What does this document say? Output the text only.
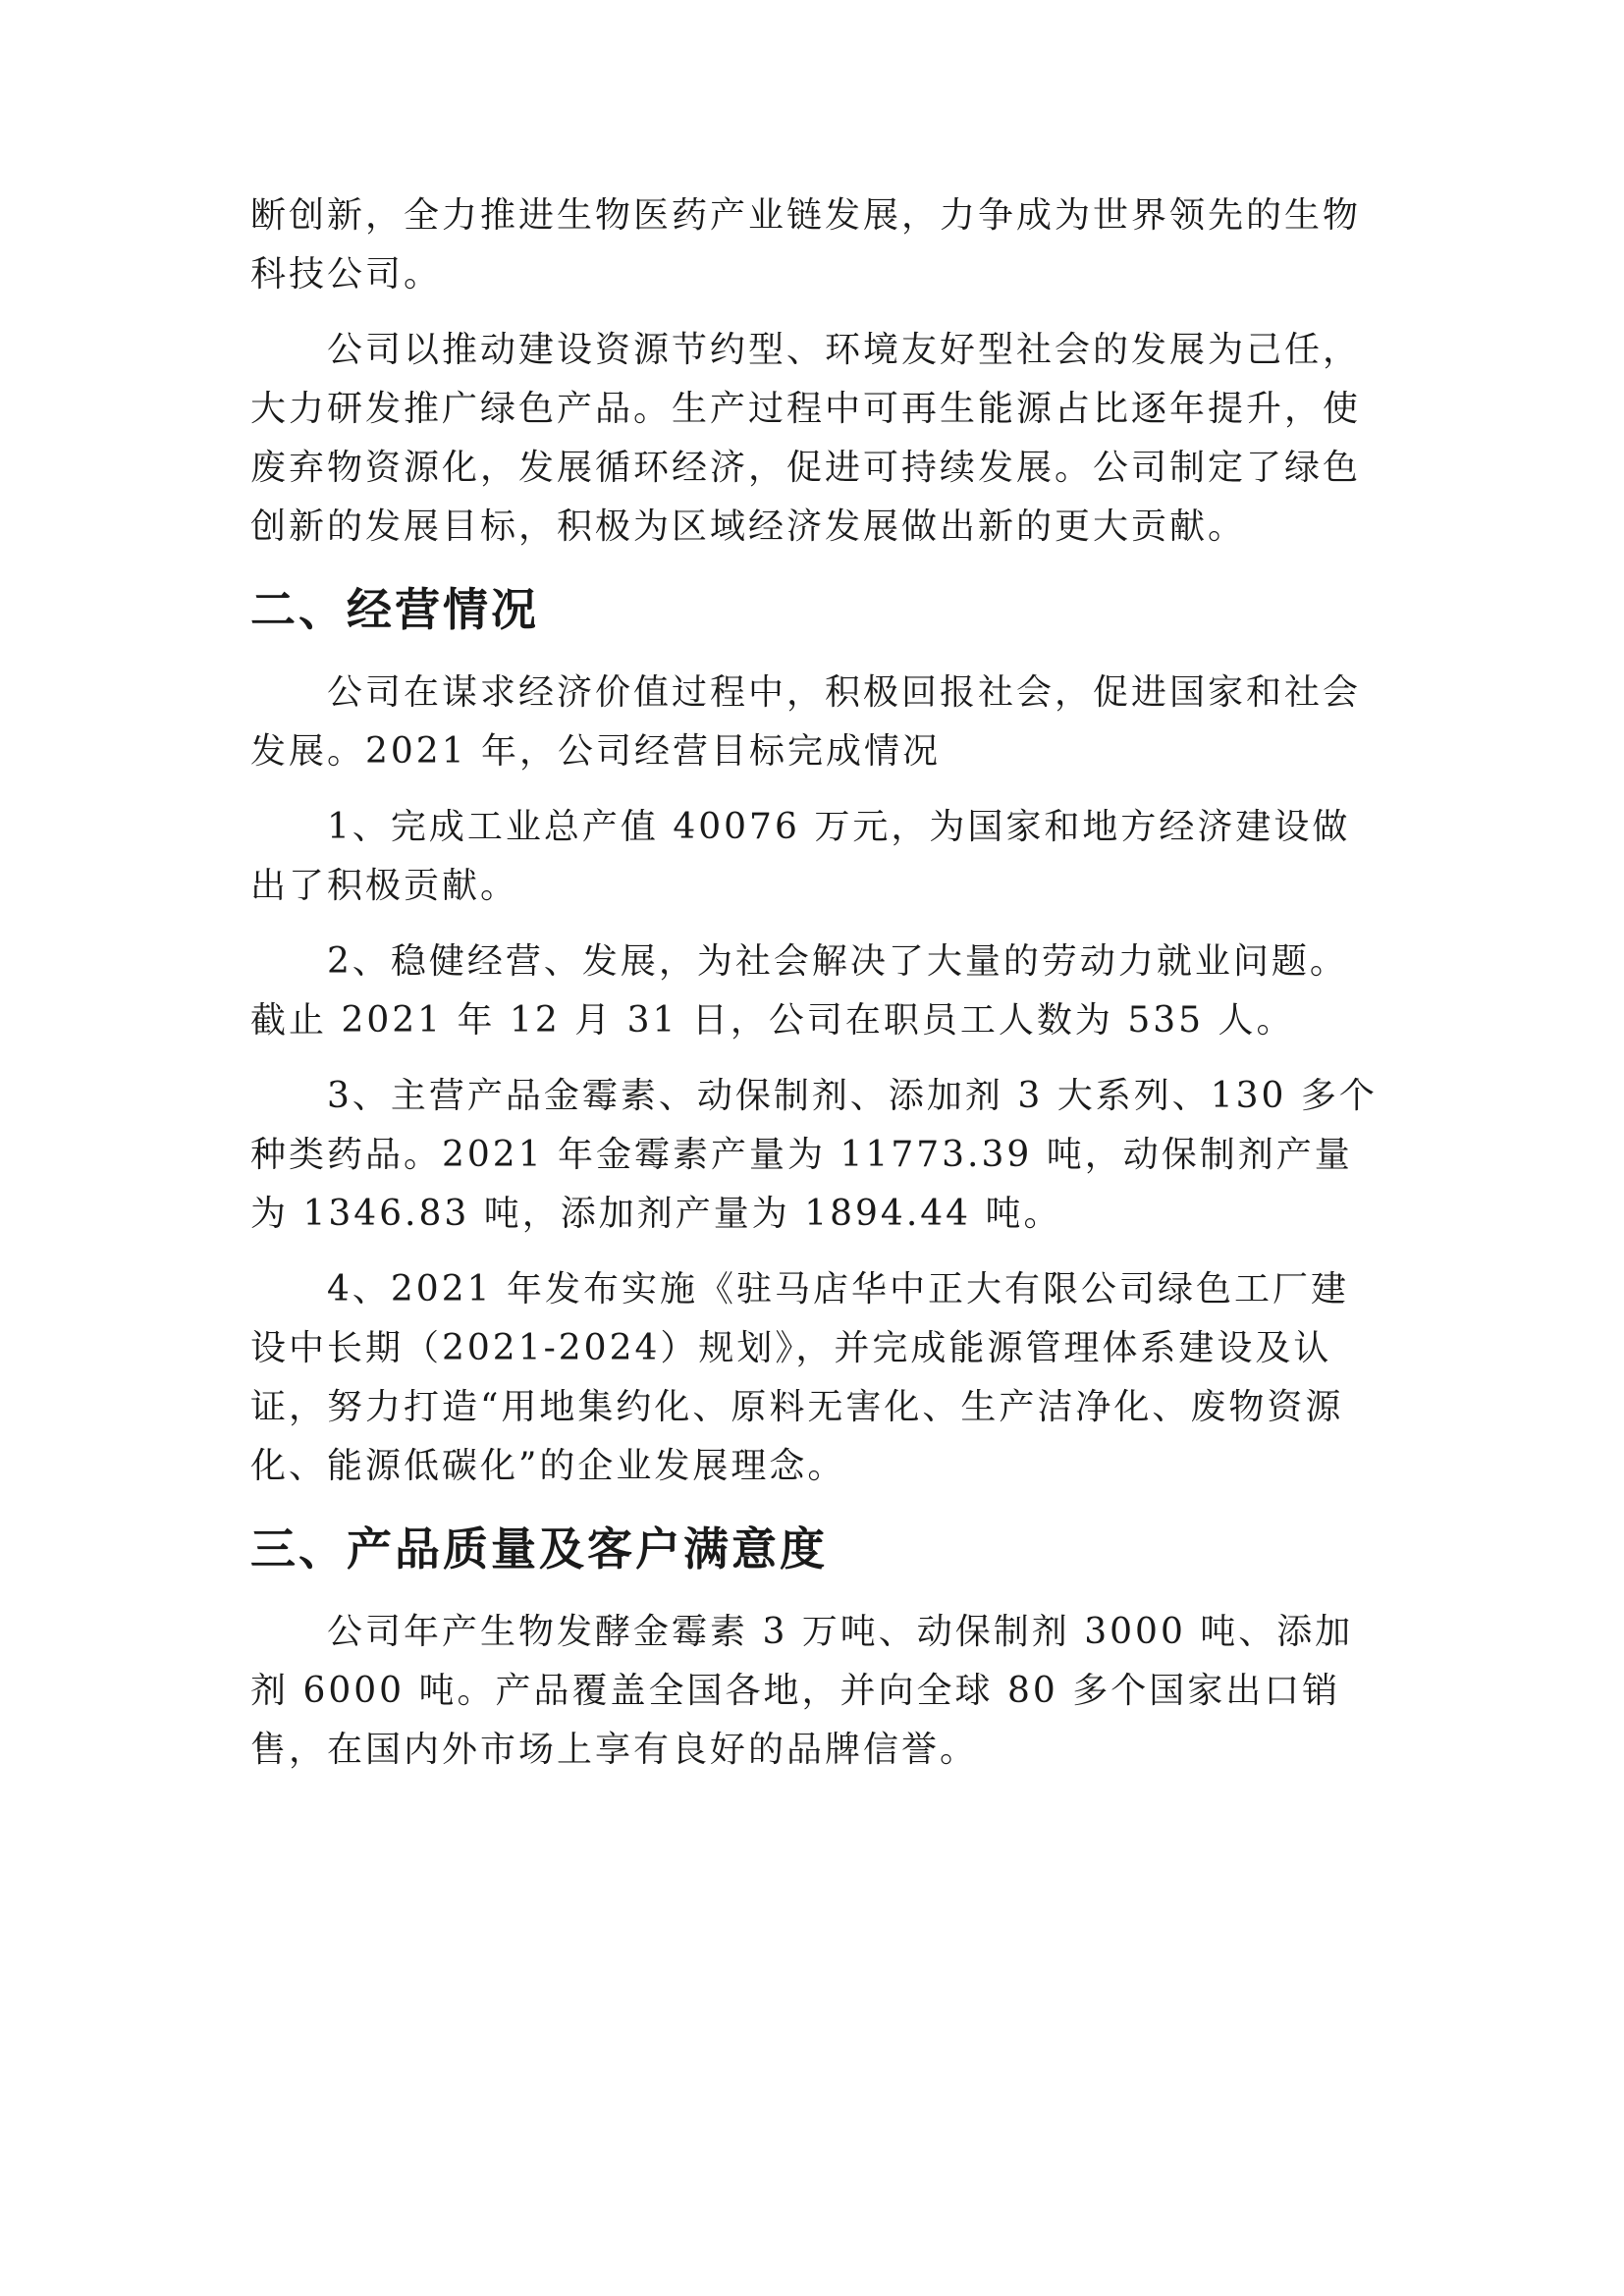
断创新，全力推进生物医药产业链发展，力争成为世界领先的生物科技公司。

公司以推动建设资源节约型、环境友好型社会的发展为己任，大力研发推广绿色产品。生产过程中可再生能源占比逐年提升，使废弃物资源化，发展循环经济，促进可持续发展。公司制定了绿色创新的发展目标，积极为区域经济发展做出新的更大贡献。

二、经营情况

公司在谋求经济价值过程中，积极回报社会，促进国家和社会发展。2021 年，公司经营目标完成情况

1、完成工业总产值 40076 万元，为国家和地方经济建设做出了积极贡献。

2、稳健经营、发展，为社会解决了大量的劳动力就业问题。截止 2021 年 12 月 31 日，公司在职员工人数为 535 人。

3、主营产品金霉素、动保制剂、添加剂 3 大系列、130 多个种类药品。2021 年金霉素产量为 11773.39 吨，动保制剂产量为 1346.83 吨，添加剂产量为 1894.44 吨。

4、2021 年发布实施《驻马店华中正大有限公司绿色工厂建设中长期（2021-2024）规划》，并完成能源管理体系建设及认证，努力打造“用地集约化、原料无害化、生产洁净化、废物资源化、能源低碳化”的企业发展理念。

三、产品质量及客户满意度

公司年产生物发酵金霉素 3 万吨、动保制剂 3000 吨、添加剂 6000 吨。产品覆盖全国各地，并向全球 80 多个国家出口销售，在国内外市场上享有良好的品牌信誉。
